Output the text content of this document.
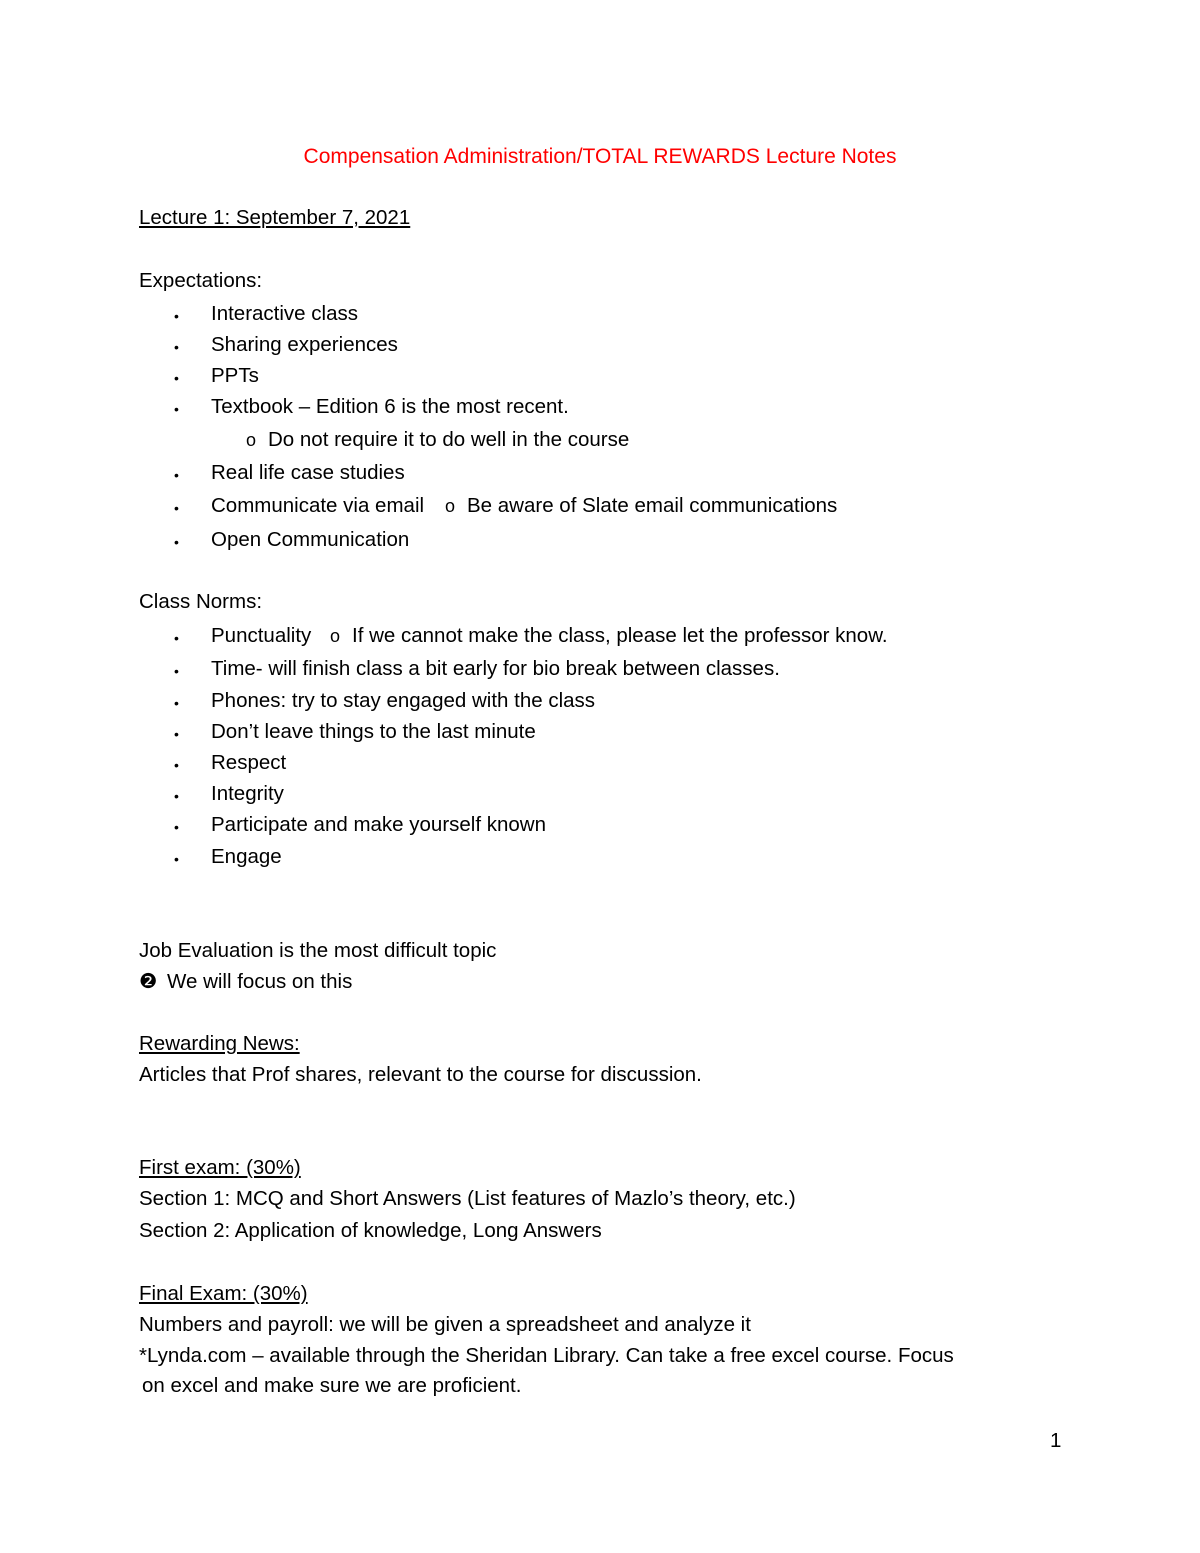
Compensation Administration/TOTAL REWARDS Lecture Notes
Lecture 1: September 7, 2021
Expectations:
• Interactive class
• Sharing experiences
• PPTs
• Textbook – Edition 6 is the most recent.
o Do not require it to do well in the course
• Real life case studies
• Communicate via email o Be aware of Slate email communications
• Open Communication
Class Norms:
• Punctuality o If we cannot make the class, please let the professor know.
• Time- will finish class a bit early for bio break between classes.
• Phones: try to stay engaged with the class
• Don’t leave things to the last minute
• Respect
• Integrity
• Participate and make yourself known
• Engage
Job Evaluation is the most difficult topic
❷ We will focus on this
Rewarding News:
Articles that Prof shares, relevant to the course for discussion.
First exam: (30%)
Section 1: MCQ and Short Answers (List features of Mazlo’s theory, etc.)
Section 2: Application of knowledge, Long Answers
Final Exam: (30%)
Numbers and payroll: we will be given a spreadsheet and analyze it
*Lynda.com – available through the Sheridan Library. Can take a free excel course. Focus
on excel and make sure we are proficient.
1
